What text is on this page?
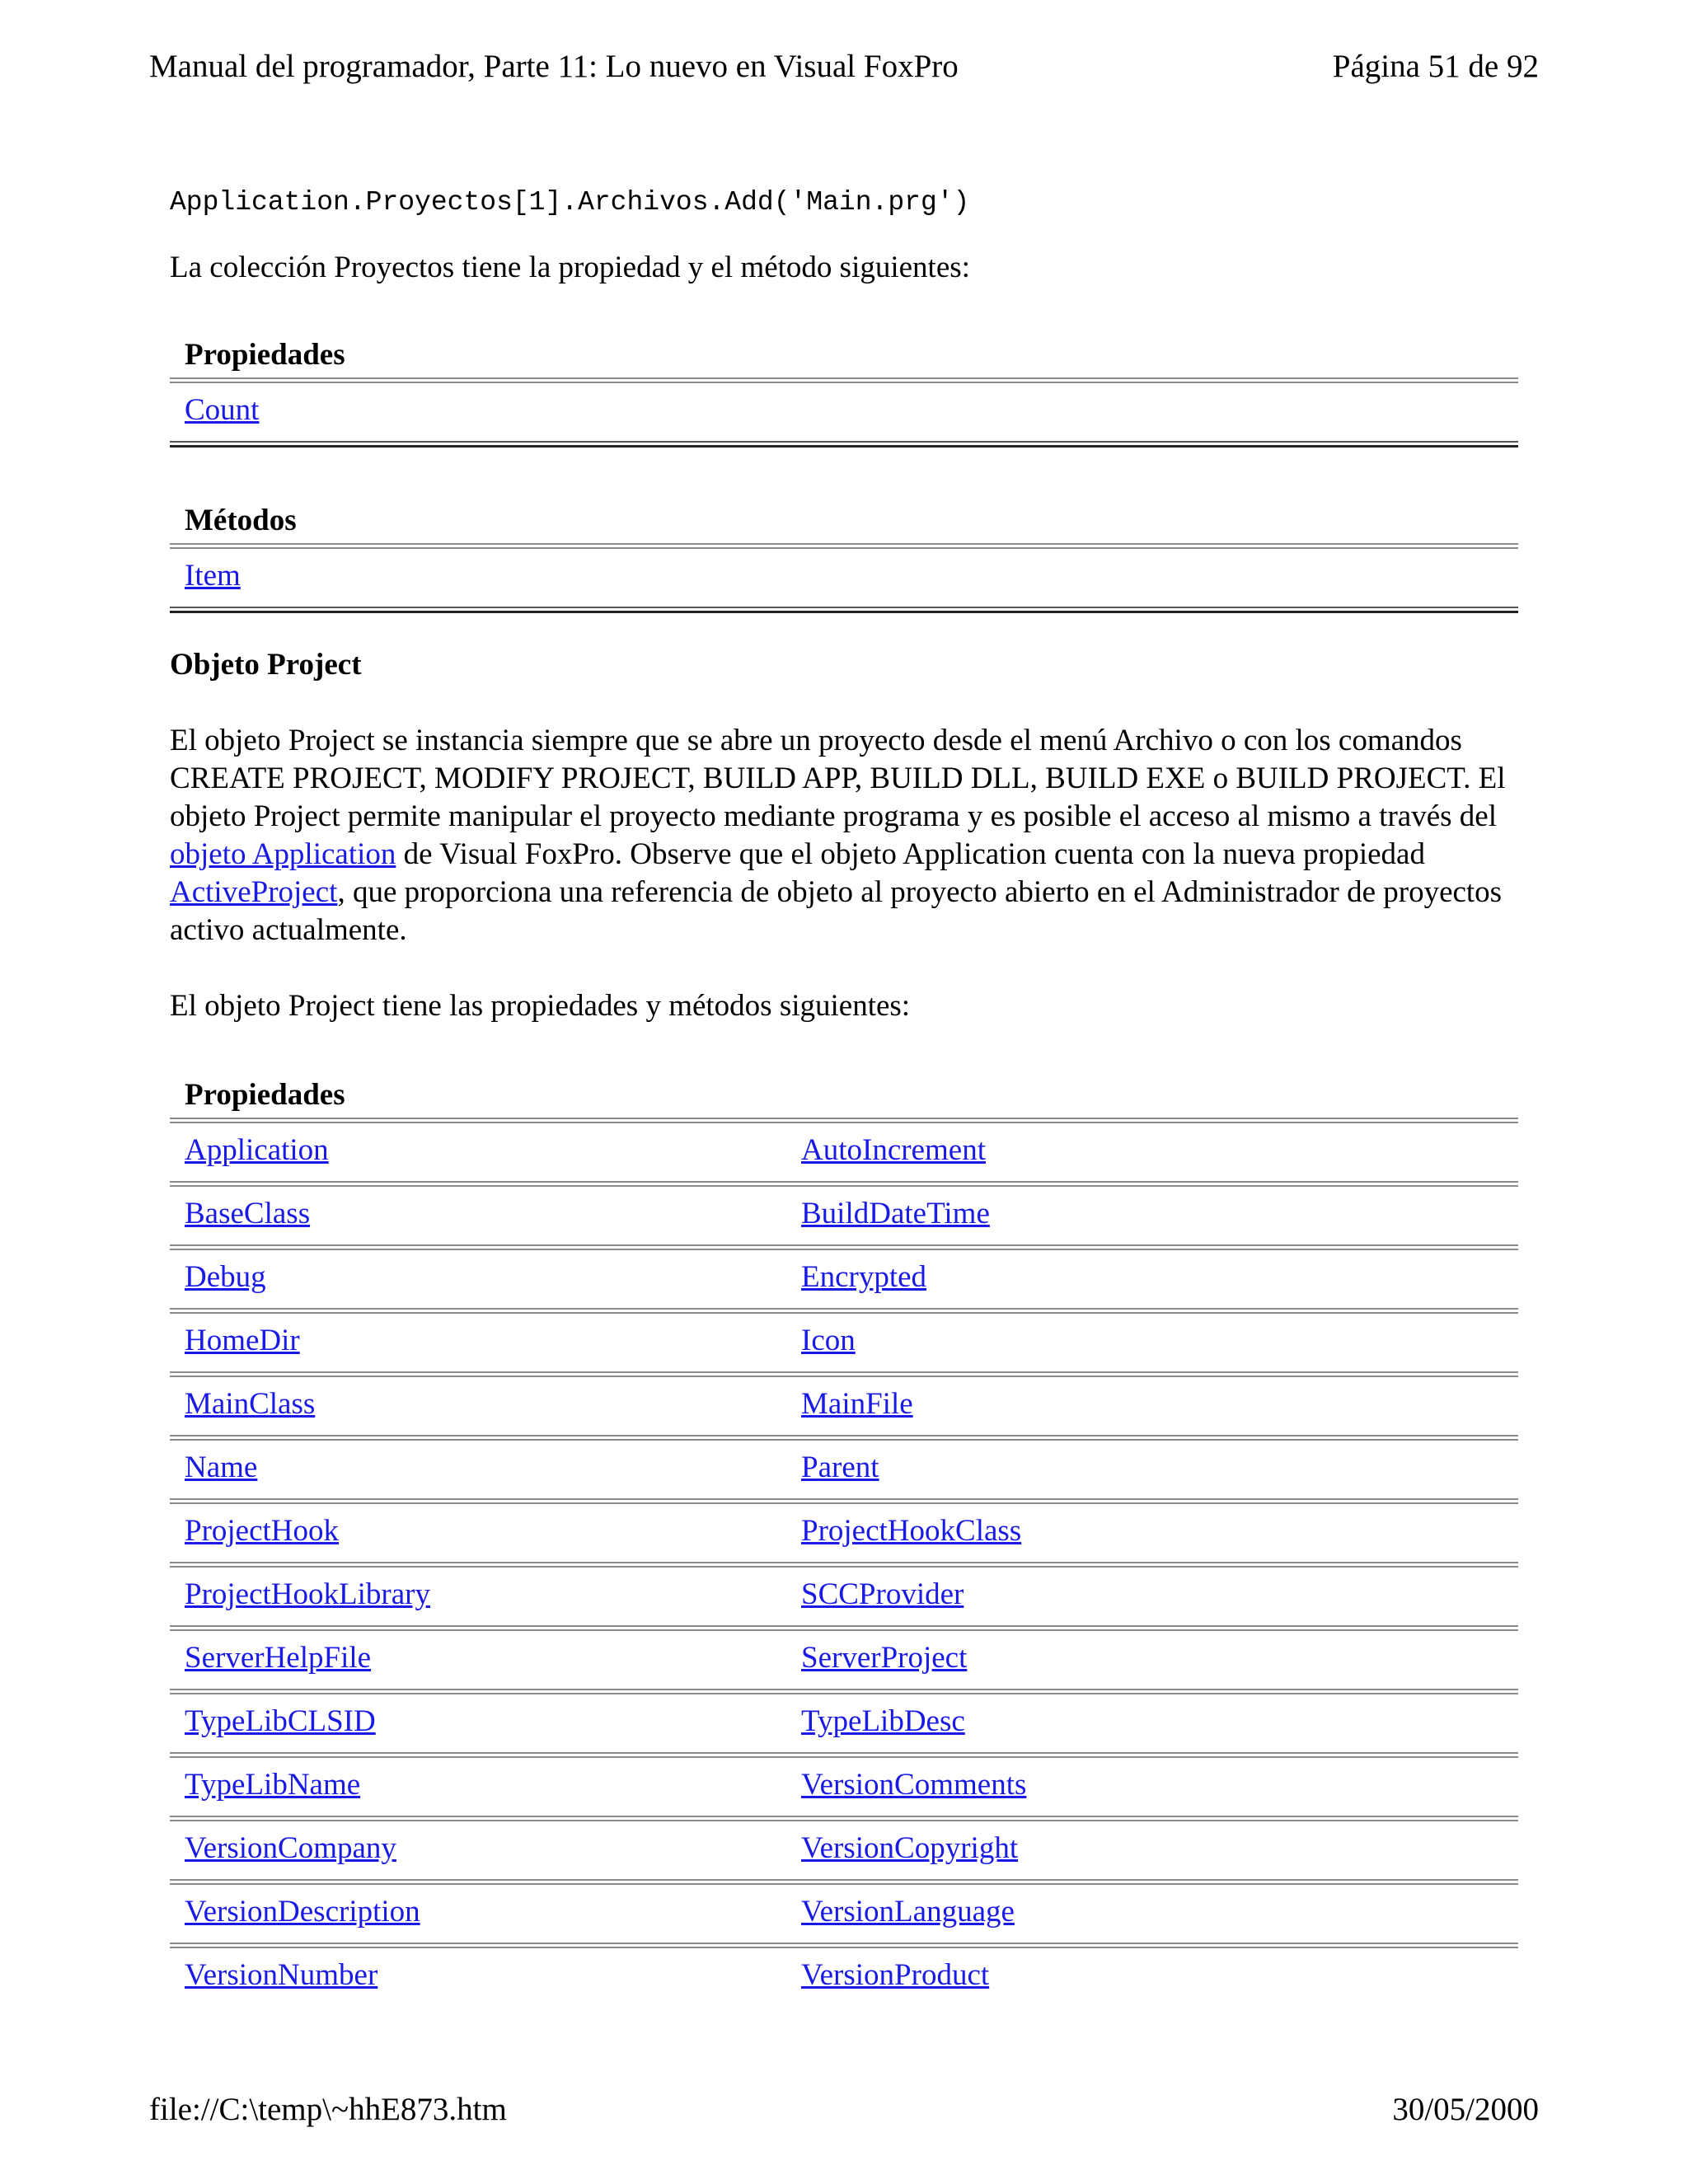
Manual del programador, Parte 11: Lo nuevo en Visual FoxPro	Página 51 de 92
Application.Proyectos[1].Archivos.Add('Main.prg')
La colección Proyectos tiene la propiedad y el método siguientes:
Propiedades
Count
Métodos
Item
Objeto Project
El objeto Project se instancia siempre que se abre un proyecto desde el menú Archivo o con los comandos CREATE PROJECT, MODIFY PROJECT, BUILD APP, BUILD DLL, BUILD EXE o BUILD PROJECT. El objeto Project permite manipular el proyecto mediante programa y es posible el acceso al mismo a través del objeto Application de Visual FoxPro. Observe que el objeto Application cuenta con la nueva propiedad ActiveProject, que proporciona una referencia de objeto al proyecto abierto en el Administrador de proyectos activo actualmente.
El objeto Project tiene las propiedades y métodos siguientes:
Propiedades
Application	AutoIncrement
BaseClass	BuildDateTime
Debug	Encrypted
HomeDir	Icon
MainClass	MainFile
Name	Parent
ProjectHook	ProjectHookClass
ProjectHookLibrary	SCCProvider
ServerHelpFile	ServerProject
TypeLibCLSID	TypeLibDesc
TypeLibName	VersionComments
VersionCompany	VersionCopyright
VersionDescription	VersionLanguage
VersionNumber	VersionProduct
file://C:\temp\~hhE873.htm	30/05/2000
